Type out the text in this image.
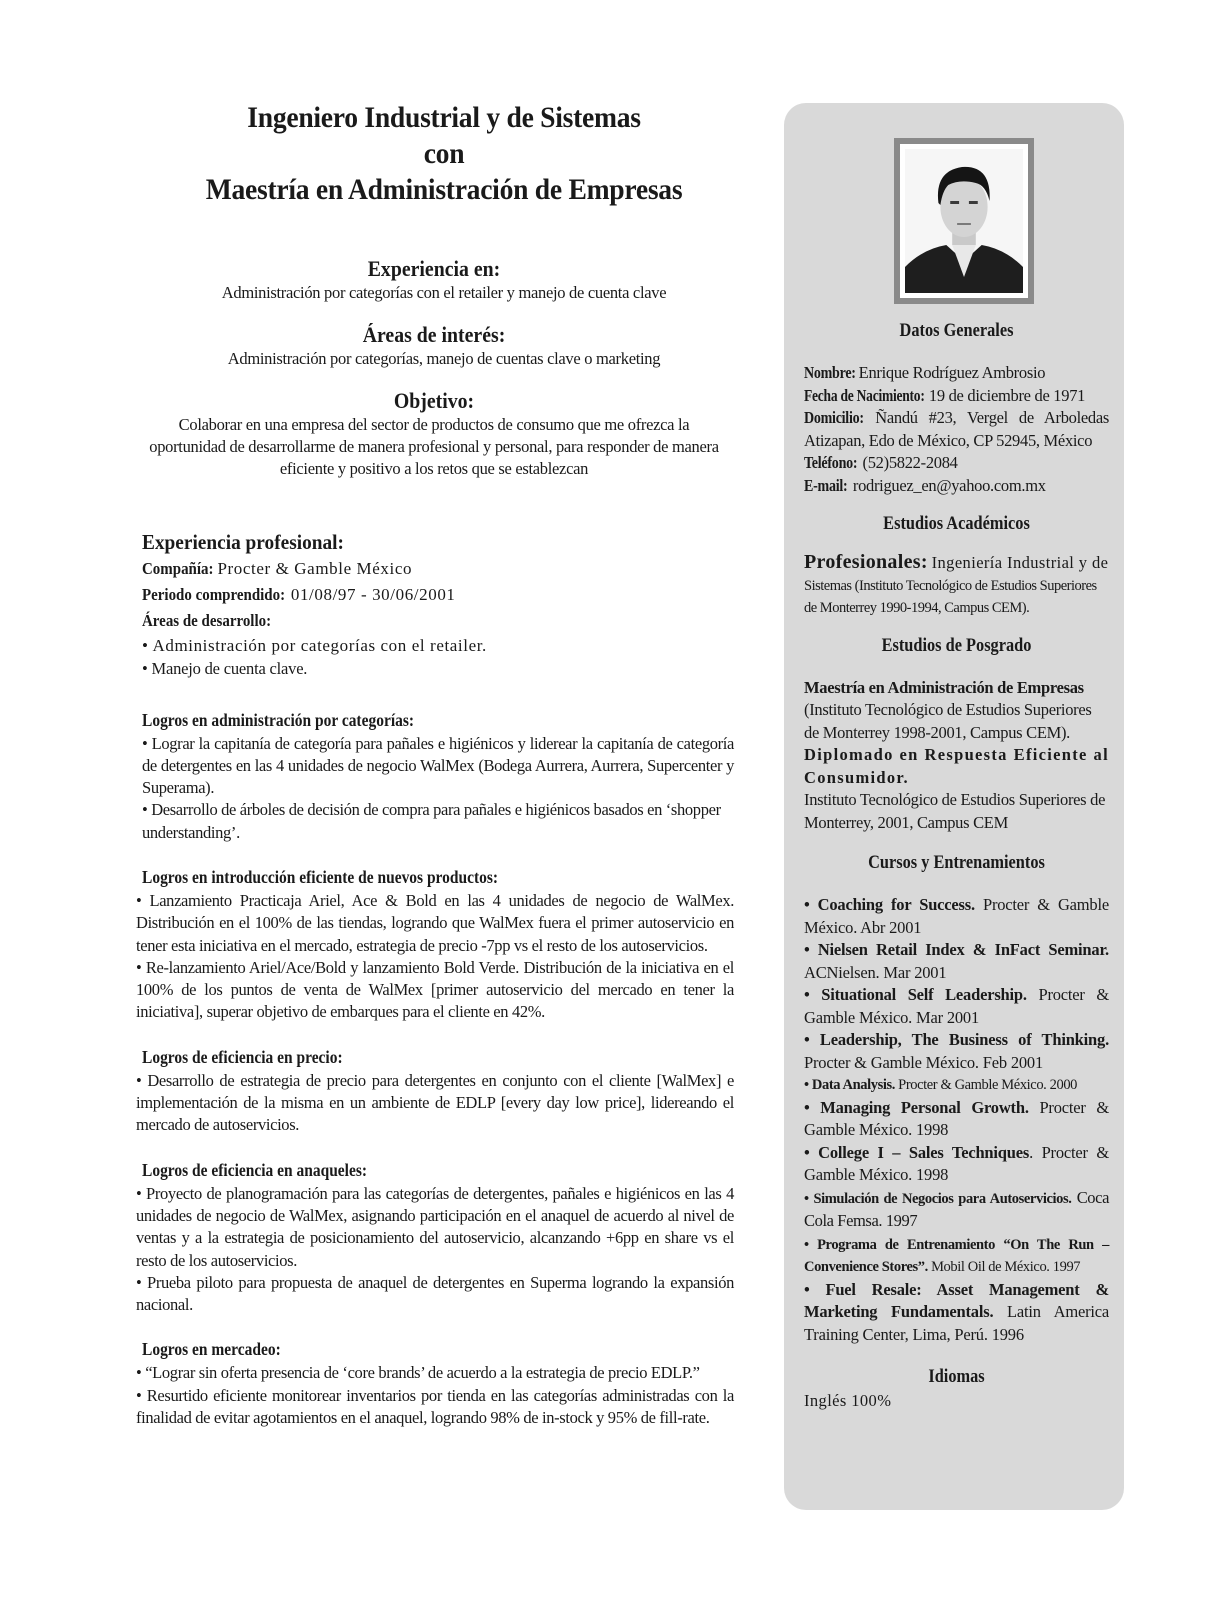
Ingeniero Industrial y de Sistemas
con
Maestría en Administración de Empresas
Experiencia en:

Administración por categorías con el retailer y manejo de cuenta clave

Áreas de interés:

Administración por categorías, manejo de cuentas clave o marketing

Objetivo:

Colaborar en una empresa del sector de productos de consumo que me ofrezca la oportunidad de desarrollarme de manera profesional y personal, para responder de manera eficiente y positivo a los retos que se establezcan

Experiencia profesional:
Compañía: Procter & Gamble México
Periodo comprendido: 01/08/97 - 30/06/2001
Áreas de desarrollo:
• Administración por categorías con el retailer.
• Manejo de cuenta clave.
Logros en administración por categorías:

• Lograr la capitanía de categoría para pañales e higiénicos y liderear la capitanía de categoría de detergentes en las 4 unidades de negocio WalMex (Bodega Aurrera, Aurrera, Supercenter y Superama).

• Desarrollo de árboles de decisión de compra para pañales e higiénicos basados en ‘shopper understanding’.

Logros en introducción eficiente de nuevos productos:

• Lanzamiento Practicaja Ariel, Ace & Bold en las 4 unidades de negocio de WalMex. Distribución en el 100% de las tiendas, logrando que WalMex fuera el primer autoservicio en tener esta iniciativa en el mercado, estrategia de precio -7pp vs el resto de los autoservicios.

• Re-lanzamiento Ariel/Ace/Bold y lanzamiento Bold Verde. Distribución de la iniciativa en el 100% de los puntos de venta de WalMex [primer autoservicio del mercado en tener la iniciativa], superar objetivo de embarques para el cliente en 42%.

Logros de eficiencia en precio:

• Desarrollo de estrategia de precio para detergentes en conjunto con el cliente [WalMex] e implementación de la misma en un ambiente de EDLP [every day low price], lidereando el mercado de autoservicios.

Logros de eficiencia en anaqueles:

• Proyecto de planogramación para las categorías de detergentes, pañales e higiénicos en las 4 unidades de negocio de WalMex, asignando participación en el anaquel de acuerdo al nivel de ventas y a la estrategia de posicionamiento del autoservicio, alcanzando +6pp en share vs el resto de los autoservicios.

• Prueba piloto para propuesta de anaquel de detergentes en Superma logrando la expansión nacional.

Logros en mercadeo:

• “Lograr sin oferta presencia de ‘core brands’ de acuerdo a la estrategia de precio EDLP.”

• Resurtido eficiente monitorear inventarios por tienda en las categorías administradas con la finalidad de evitar agotamientos en el anaquel, logrando 98% de in-stock y 95% de fill-rate.

Datos Generales
Nombre: Enrique Rodríguez Ambrosio
Fecha de Nacimiento: 19 de diciembre de 1971
Domicilio: Ñandú #23, Vergel de Arboledas Atizapan, Edo de México, CP 52945, México
Teléfono: (52)5822-2084
E-mail: rodriguez_en@yahoo.com.mx
Estudios Académicos
Profesionales: Ingeniería Industrial y de
Sistemas (Instituto Tecnológico de Estudios Superiores de Monterrey 1990-1994, Campus CEM).
Estudios de Posgrado
Maestría en Administración de Empresas
(Instituto Tecnológico de Estudios Superiores de Monterrey 1998-2001, Campus CEM).
Diplomado en Respuesta Eficiente al Consumidor.
Instituto Tecnológico de Estudios Superiores de Monterrey, 2001, Campus CEM
Cursos y Entrenamientos
• Coaching for Success. Procter & Gamble México. Abr 2001
• Nielsen Retail Index & InFact Seminar. ACNielsen. Mar 2001
• Situational Self Leadership. Procter & Gamble México. Mar 2001
• Leadership, The Business of Thinking. Procter & Gamble México. Feb 2001
• Data Analysis. Procter & Gamble México. 2000
• Managing Personal Growth. Procter & Gamble México. 1998
• College I – Sales Techniques. Procter & Gamble México. 1998
• Simulación de Negocios para Autoservicios. Coca Cola Femsa. 1997
• Programa de Entrenamiento “On The Run – Convenience Stores”. Mobil Oil de México. 1997
• Fuel Resale: Asset Management & Marketing Fundamentals. Latin America Training Center, Lima, Perú. 1996
Idiomas
Inglés 100%
